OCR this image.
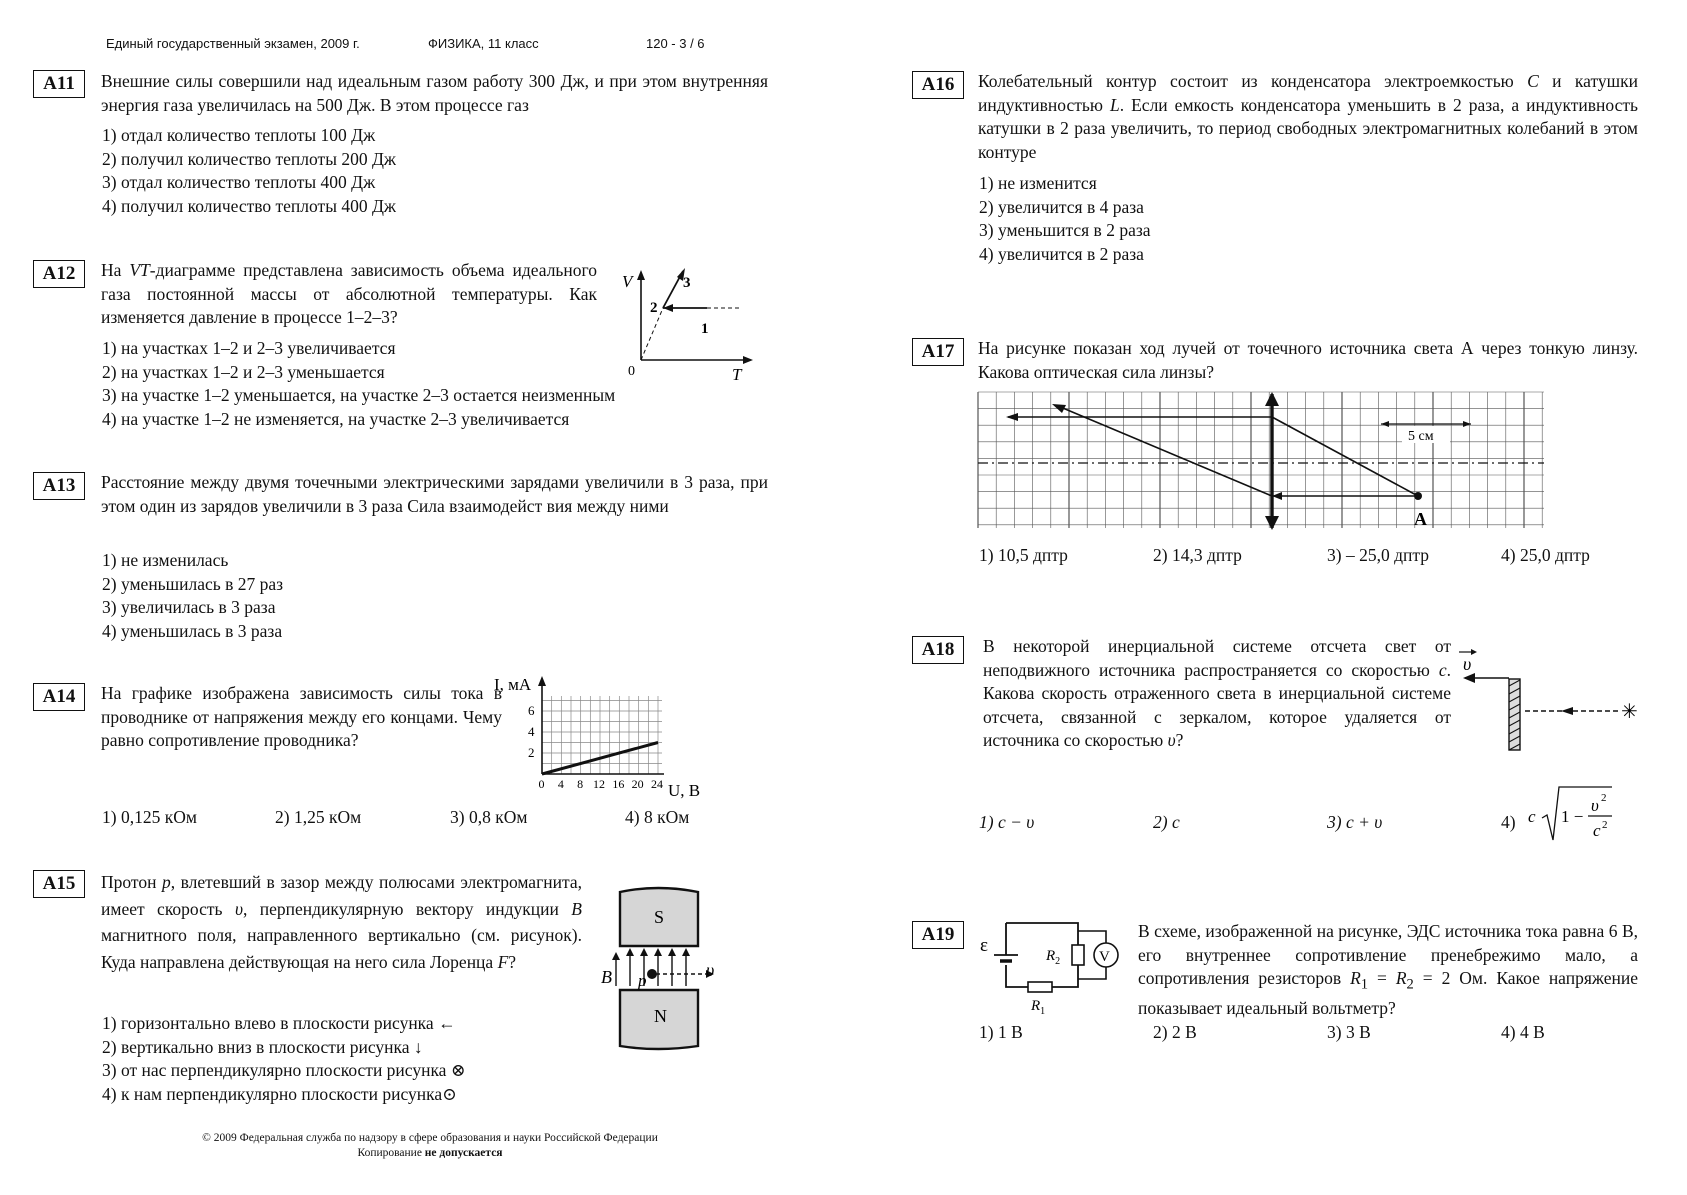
Единый государственный экзамен, 2009 г.	ФИЗИКА, 11 класс	120 - 3 / 6
A11	Внешние силы совершили над идеальным газом работу 300 Дж, и при этом внутренняя энергия газа увеличилась на 500 Дж. В этом процессе газ
1) отдал количество теплоты 100 Дж
2) получил количество теплоты 200 Дж
3) отдал количество теплоты 400 Дж
4) получил количество теплоты 400 Дж
A12	На VT-диаграмме представлена зависимость объема идеального газа постоянной массы от абсолютной температуры. Как изменяется давление в процессе 1–2–3?
V
T
0
1
2
3
1) на участках 1–2 и 2–3 увеличивается
2) на участках 1–2 и 2–3 уменьшается
3) на участке 1–2 уменьшается, на участке 2–3 остается неизменным
4) на участке 1–2 не изменяется, на участке 2–3 увеличивается
A13	Расстояние между двумя точечными электрическими зарядами увеличили в 3 раза, при этом один из зарядов увеличили в 3 раза Сила взаимодейст вия между ними
1) не изменилась
2) уменьшилась в 27 раз
3) увеличилась в 3 раза
4) уменьшилась в 3 раза
A14	На графике изображена зависимость силы тока в проводнике от напряжения между его концами. Чему равно сопротивление проводника?
0 4 8 12 16 20 24
2
4
6
I, мА
U, В
1) 0,125 кОм	2) 1,25 кОм	3) 0,8 кОм	4) 8 кОм
A15	Протон p, влетевший в зазор между полюсами электромагнита, имеет скорость υ, перпендикулярную вектору индукции B магнитного поля, направленного вертикально (см. рисунок). Куда направлена действующая на него сила Лоренца F?
S
N
B p
υ
1) горизонтально влево в плоскости рисунка ←
2) вертикально вниз в плоскости рисунка ↓
3) от нас перпендикулярно плоскости рисунка ⊗
4) к нам перпендикулярно плоскости рисунка⊙
© 2009 Федеральная служба по надзору в сфере образования и науки Российской Федерации
Копирование не допускается
A16	Колебательный контур состоит из конденсатора электроемкостью C и катушки индуктивностью L. Если емкость конденсатора уменьшить в 2 раза, а индуктивность катушки в 2 раза увеличить, то период свободных электромагнитных колебаний в этом контуре
1) не изменится
2) увеличится в 4 раза
3) уменьшится в 2 раза
4) увеличится в 2 раза
A17	На рисунке показан ход лучей от точечного источника света А через тонкую линзу. Какова оптическая сила линзы?
5 см
A
1) 10,5 дптр	2) 14,3 дптр	3) – 25,0 дптр	4) 25,0 дптр
A18	В некоторой инерциальной системе отсчета свет от неподвижного источника распространяется со скоростью c. Какова скорость отраженного света в инерциальной системе отсчета, связанной с зеркалом, которое удаляется от источника со скоростью υ?
υ
✳
1) c − υ	2) c	3) c + υ	4) c 1 −
υ 2
c 2
A19
V
ε	$R_2$
$R_1$
В схеме, изображенной на рисунке, ЭДС источника тока равна 6 В, его внутреннее сопротивление пренебрежимо мало, а сопротивления резисторов $R_1 = R_2 = 2$ Ом. Какое напряжение показывает идеальный вольтметр?
1) 1 В	2) 2 В	3) 3 В	4) 4 В
